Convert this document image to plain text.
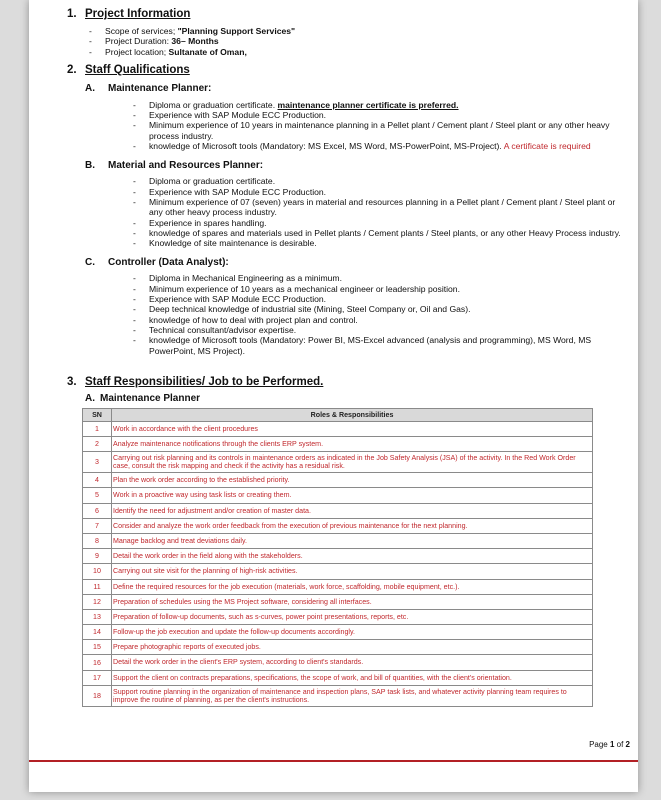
1. Project Information
- Scope of services; "Planning Support Services"
- Project Duration: 36– Months
- Project location; Sultanate of Oman,
2. Staff Qualifications
A.	Maintenance Planner:
- Diploma or graduation certificate. maintenance planner certificate is preferred.
- Experience with SAP Module ECC Production.
- Minimum experience of 10 years in maintenance planning in a Pellet plant / Cement plant / Steel plant or any other heavy process industry.
- knowledge of Microsoft tools (Mandatory: MS Excel, MS Word, MS-PowerPoint, MS-Project). A certificate is required
B.	Material and Resources Planner:
- Diploma or graduation certificate.
- Experience with SAP Module ECC Production.
- Minimum experience of 07 (seven) years in material and resources planning in a Pellet plant / Cement plant / Steel plant or any other heavy process industry.
- Experience in spares handling.
- knowledge of spares and materials used in Pellet plants / Cement plants / Steel plants, or any other Heavy Process industry.
- Knowledge of site maintenance is desirable.
C.	Controller (Data Analyst):
- Diploma in Mechanical Engineering as a minimum.
- Minimum experience of 10 years as a mechanical engineer or leadership position.
- Experience with SAP Module ECC Production.
- Deep technical knowledge of industrial site (Mining, Steel Company or, Oil and Gas).
- knowledge of how to deal with project plan and control.
- Technical consultant/advisor expertise.
- knowledge of Microsoft tools (Mandatory: Power BI, MS-Excel advanced (analysis and programming), MS Word, MS PowerPoint, MS Project).
3. Staff Responsibilities/ Job to be Performed.
A. Maintenance Planner
SN	Roles & Responsibilities
1	Work in accordance with the client procedures
2	Analyze maintenance notifications through the clients ERP system.
3	Carrying out risk planning and its controls in maintenance orders as indicated in the Job Safety Analysis (JSA) of the activity. In the Red Work Order case, consult the risk mapping and check if the activity has a residual risk.
4	Plan the work order according to the established priority.
5	Work in a proactive way using task lists or creating them.
6	Identify the need for adjustment and/or creation of master data.
7	Consider and analyze the work order feedback from the execution of previous maintenance for the next planning.
8	Manage backlog and treat deviations daily.
9	Detail the work order in the field along with the stakeholders.
10	Carrying out site visit for the planning of high-risk activities.
11	Define the required resources for the job execution (materials, work force, scaffolding, mobile equipment, etc.).
12	Preparation of schedules using the MS Project software, considering all interfaces.
13	Preparation of follow-up documents, such as s-curves, power point presentations, reports, etc.
14	Follow-up the job execution and update the follow-up documents accordingly.
15	Prepare photographic reports of executed jobs.
16	Detail the work order in the client's ERP system, according to client's standards.
17	Support the client on contracts preparations, specifications, the scope of work, and bill of quantities, with the client's orientation.
18	Support routine planning in the organization of maintenance and inspection plans, SAP task lists, and whatever activity planning team requires to improve the routine of planning, as per the client's instructions.
Page 1 of 2
